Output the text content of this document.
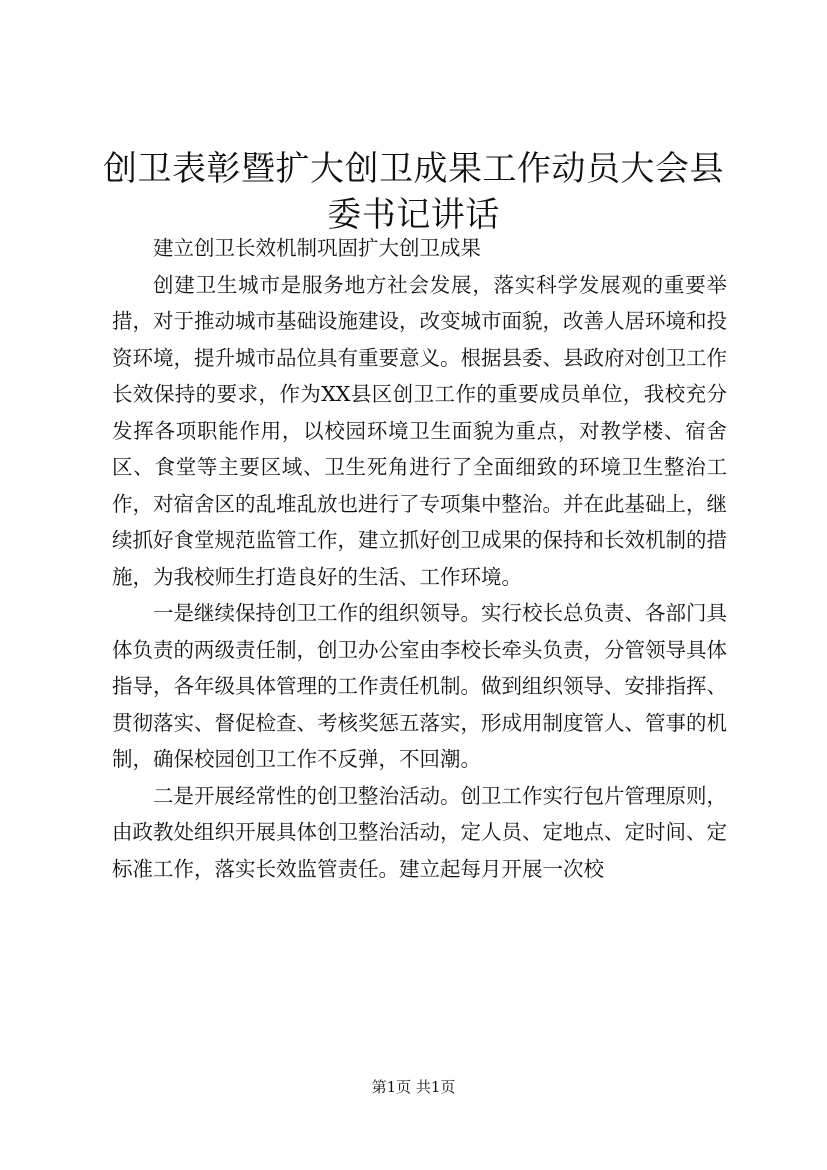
创卫表彰暨扩大创卫成果工作动员大会县委书记讲话

建立创卫长效机制巩固扩大创卫成果

创建卫生城市是服务地方社会发展，落实科学发展观的重要举措，对于推动城市基础设施建设，改变城市面貌，改善人居环境和投资环境，提升城市品位具有重要意义。根据县委、县政府对创卫工作长效保持的要求，作为XX县区创卫工作的重要成员单位，我校充分发挥各项职能作用，以校园环境卫生面貌为重点，对教学楼、宿舍区、食堂等主要区域、卫生死角进行了全面细致的环境卫生整治工作，对宿舍区的乱堆乱放也进行了专项集中整治。并在此基础上，继续抓好食堂规范监管工作，建立抓好创卫成果的保持和长效机制的措施，为我校师生打造良好的生活、工作环境。

一是继续保持创卫工作的组织领导。实行校长总负责、各部门具体负责的两级责任制，创卫办公室由李校长牵头负责，分管领导具体指导，各年级具体管理的工作责任机制。做到组织领导、安排指挥、贯彻落实、督促检查、考核奖惩五落实，形成用制度管人、管事的机制，确保校园创卫工作不反弹，不回潮。

二是开展经常性的创卫整治活动。创卫工作实行包片管理原则，由政教处组织开展具体创卫整治活动，定人员、定地点、定时间、定标准工作，落实长效监管责任。建立起每月开展一次校

第1页 共1页
